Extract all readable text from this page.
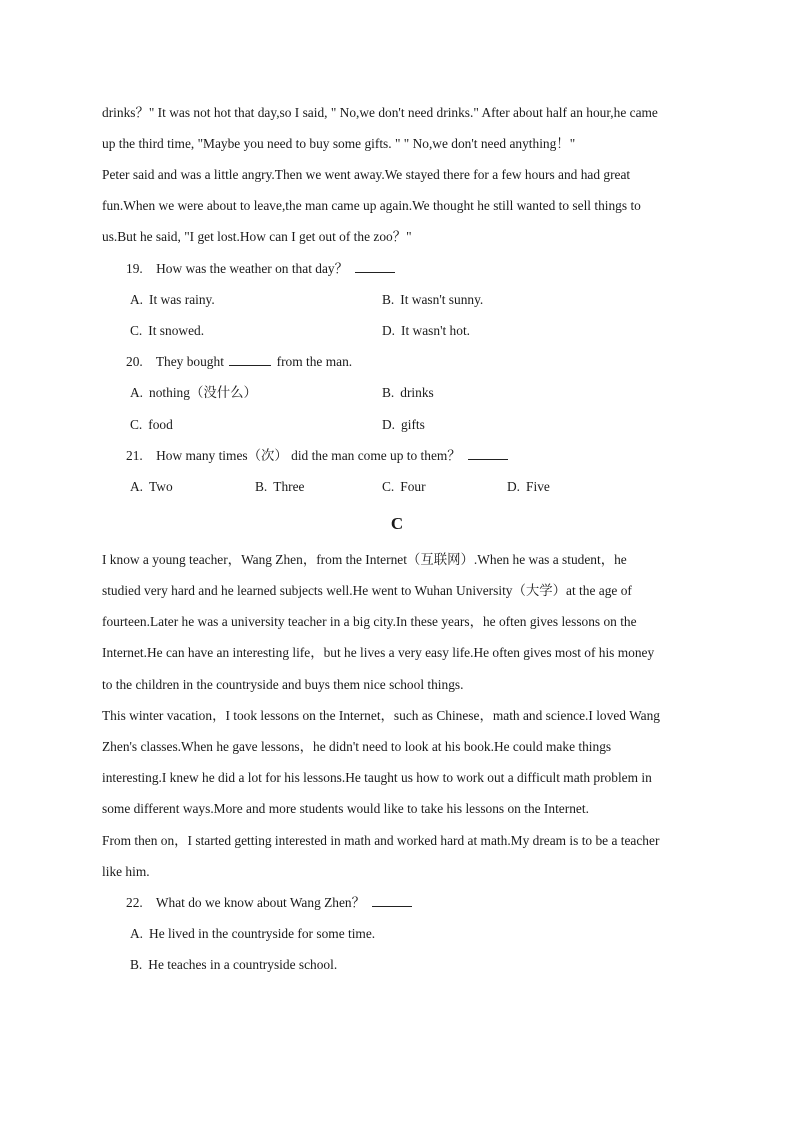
drinks？" It was not hot that day,so I said, " No,we don't need drinks." After about half an hour,he came
up the third time, "Maybe you need to buy some gifts. " " No,we don't need anything！"
Peter said and was a little angry.Then we went away.We stayed there for a few hours and had great
fun.When we were about to leave,the man came up again.We thought he still wanted to sell things to
us.But he said, "I get lost.How can I get out of the zoo？"
19. How was the weather on that day？
A. It was rainy.	B. It wasn't sunny.
C. It snowed.	D. It wasn't hot.
20. They bought	from the man.
A. nothing（没什么）	B. drinks
C. food	D. gifts
21. How many times（次） did the man come up to them？
A. Two	B. Three	C. Four	D. Five
C
I know a young teacher，Wang Zhen，from the Internet（互联网）.When he was a student，he
studied very hard and he learned subjects well.He went to Wuhan University（大学）at the age of
fourteen.Later he was a university teacher in a big city.In these years，he often gives lessons on the
Internet.He can have an interesting life，but he lives a very easy life.He often gives most of his money
to the children in the countryside and buys them nice school things.
This winter vacation，I took lessons on the Internet，such as Chinese，math and science.I loved Wang
Zhen's classes.When he gave lessons，he didn't need to look at his book.He could make things
interesting.I knew he did a lot for his lessons.He taught us how to work out a difficult math problem in
some different ways.More and more students would like to take his lessons on the Internet.
From then on，I started getting interested in math and worked hard at math.My dream is to be a teacher
like him.
22. What do we know about Wang Zhen？
A. He lived in the countryside for some time.
B. He teaches in a countryside school.
